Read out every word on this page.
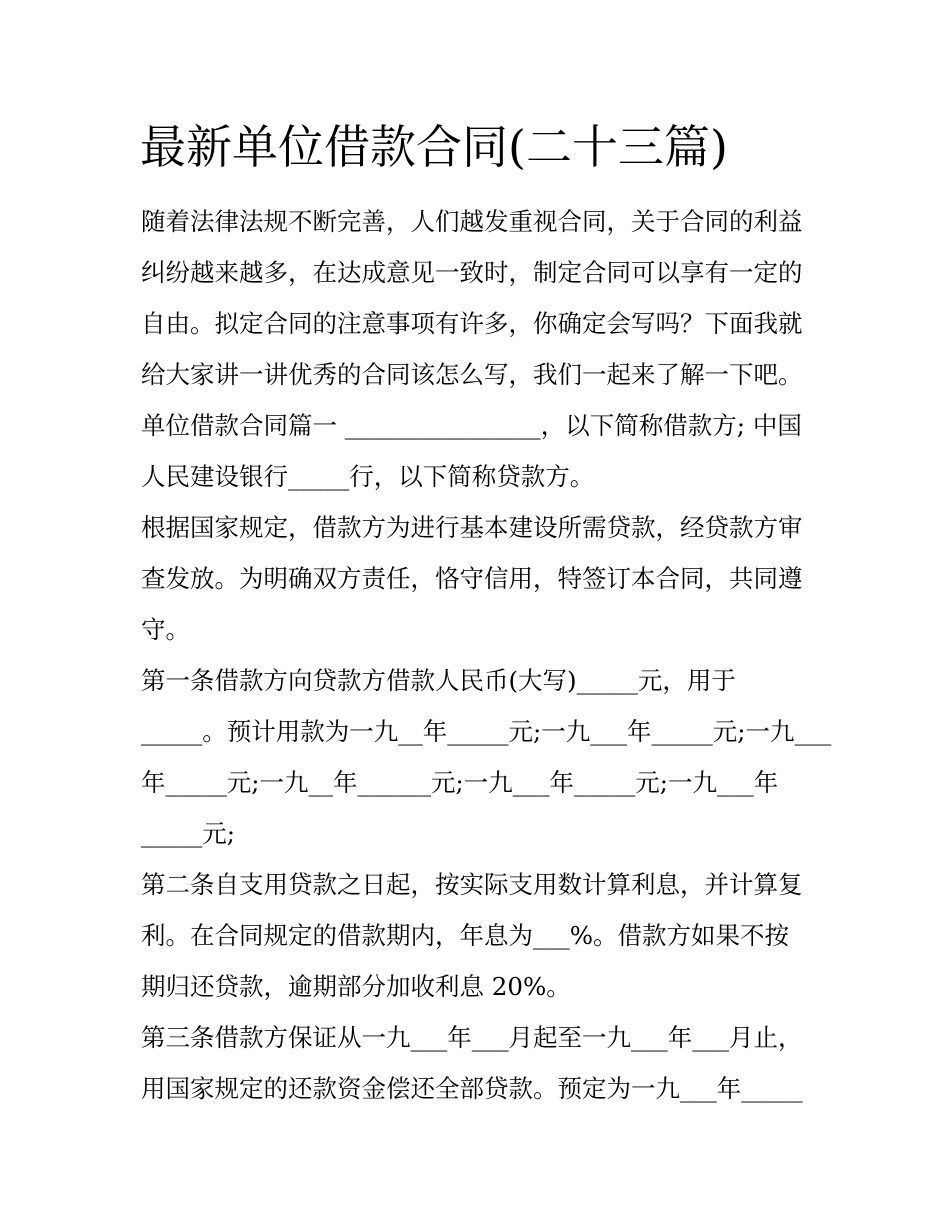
最新单位借款合同(二十三篇)

随着法律法规不断完善，人们越发重视合同，关于合同的利益

纠纷越来越多，在达成意见一致时，制定合同可以享有一定的

自由。拟定合同的注意事项有许多，你确定会写吗？下面我就

给大家讲一讲优秀的合同该怎么写，我们一起来了解一下吧。

单位借款合同篇一 ________________，以下简称借款方; 中国

人民建设银行_____行，以下简称贷款方。

根据国家规定，借款方为进行基本建设所需贷款，经贷款方审

查发放。为明确双方责任，恪守信用，特签订本合同，共同遵

守。

第一条借款方向贷款方借款人民币(大写)_____元，用于

_____。预计用款为一九__年_____元;一九___年_____元;一九___

年_____元;一九__年______元;一九___年_____元;一九___年

_____元;

第二条自支用贷款之日起，按实际支用数计算利息，并计算复

利。在合同规定的借款期内，年息为___%。借款方如果不按

期归还贷款，逾期部分加收利息 20%。

第三条借款方保证从一九___年___月起至一九___年___月止，

用国家规定的还款资金偿还全部贷款。预定为一九___年_____
